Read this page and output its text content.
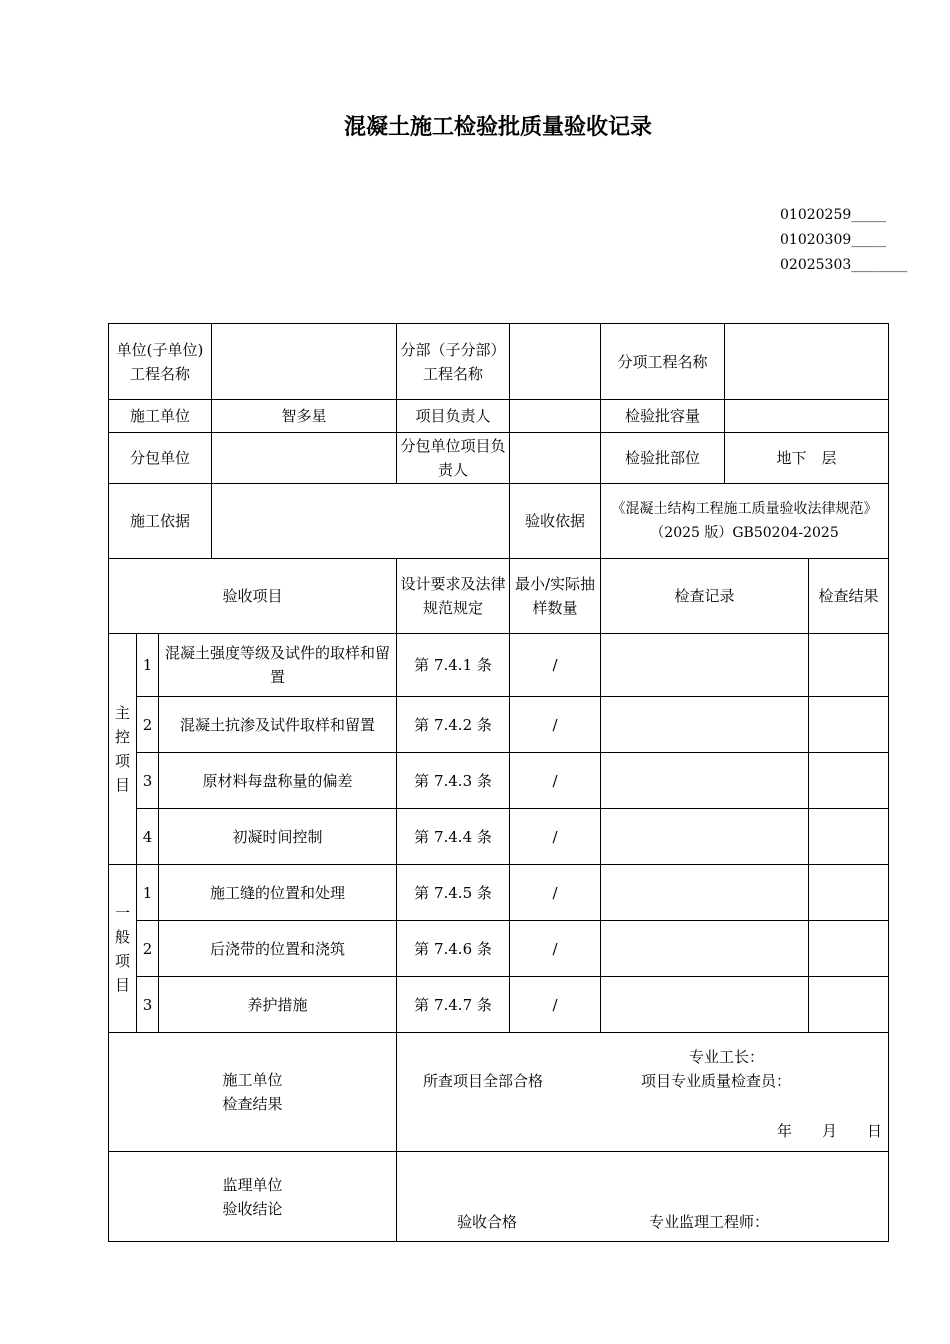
混凝土施工检验批质量验收记录
01020259_____
01020309_____
02025303________
单位(子单位)工程名称				分部（子分部）工程名称		分项工程名称		
施工单位			智多星	项目负责人		检验批容量		
分包单位				分包单位项目负责人		检验批部位	地下　层	
施工依据					验收依据	《混凝土结构工程施工质量验收法律规范》
（2025 版）GB50204-2025		

验收项目				设计要求及法律规范规定	最小/实际抽样数量	检查记录		检查结果

主
控
项
目	1	混凝土强度等级及试件的取样和留置		第 7.4.1 条	/			
	2	混凝土抗渗及试件取样和留置		第 7.4.2 条	/			
	3	原材料每盘称量的偏差		第 7.4.3 条	/			
	4	初凝时间控制		第 7.4.4 条	/			

一
般
项
目	1	施工缝的位置和处理		第 7.4.5 条	/			
	2	后浇带的位置和浇筑		第 7.4.6 条	/			
	3	养护措施		第 7.4.7 条	/			

施工单位
检查结果				所查项目全部合格
专业工长：
项目专业质量检查员：
年　　月　　日				

监理单位
验收结论				验收合格 专业监理工程师：				
